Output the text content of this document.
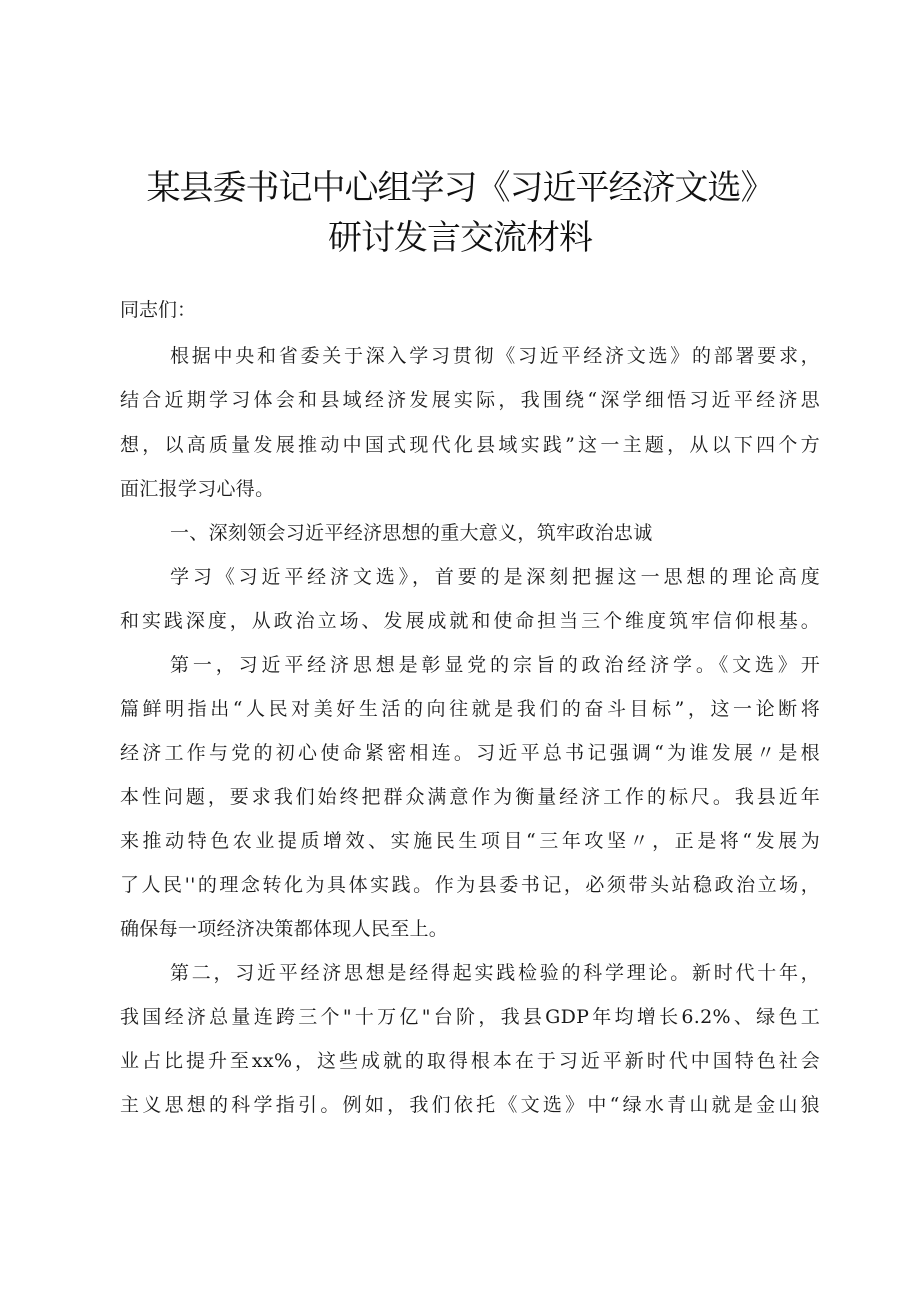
某县委书记中心组学习《习近平经济文选》
研讨发言交流材料

同志们：

根据中央和省委关于深入学习贯彻《习近平经济文选》的部署要求，

结合近期学习体会和县域经济发展实际，我围绕“深学细悟习近平经济思

想，以高质量发展推动中国式现代化县域实践”这一主题，从以下四个方

面汇报学习心得。

一、深刻领会习近平经济思想的重大意义，筑牢政治忠诚

学习《习近平经济文选》，首要的是深刻把握这一思想的理论高度

和实践深度，从政治立场、发展成就和使命担当三个维度筑牢信仰根基。

第一，习近平经济思想是彰显党的宗旨的政治经济学。《文选》开

篇鲜明指出“人民对美好生活的向往就是我们的奋斗目标”，这一论断将

经济工作与党的初心使命紧密相连。习近平总书记强调“为谁发展〃是根

本性问题，要求我们始终把群众满意作为衡量经济工作的标尺。我县近年

来推动特色农业提质增效、实施民生项目“三年攻坚〃，正是将“发展为

了人民''的理念转化为具体实践。作为县委书记，必须带头站稳政治立场，

确保每一项经济决策都体现人民至上。

第二，习近平经济思想是经得起实践检验的科学理论。新时代十年，

我国经济总量连跨三个"十万亿"台阶，我县GDP年均增长6.2%、绿色工

业占比提升至xx%，这些成就的取得根本在于习近平新时代中国特色社会

主义思想的科学指引。例如，我们依托《文选》中“绿水青山就是金山狼
